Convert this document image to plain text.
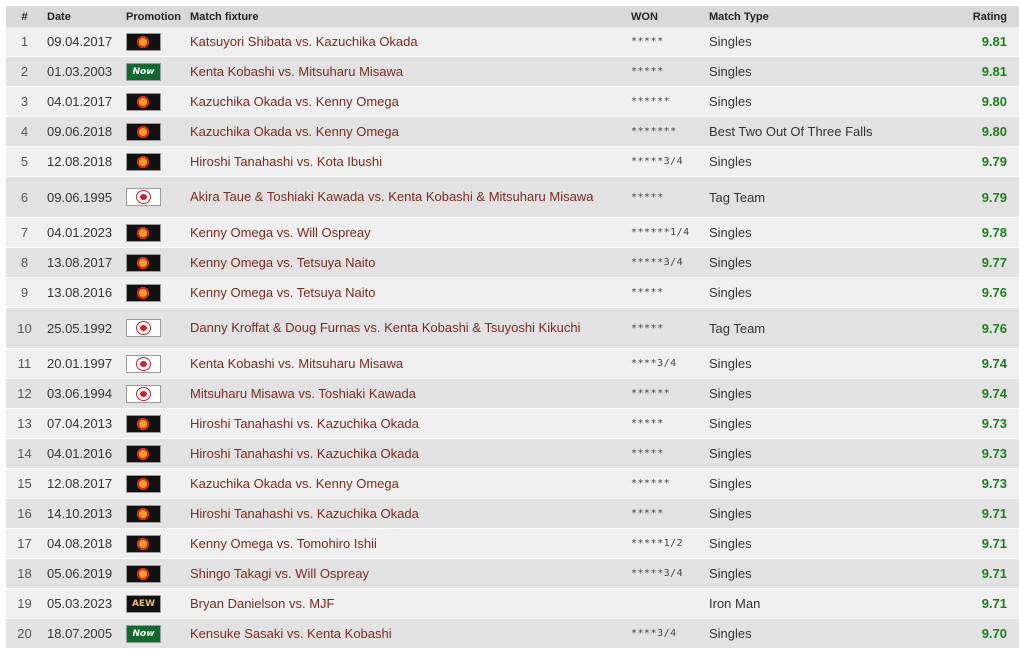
#	Date	Promotion	Match fixture	WON	Match Type	Rating
1	09.04.2017		Katsuyori Shibata vs. Kazuchika Okada	*****	Singles	9.81
2	01.03.2003	Now	Kenta Kobashi vs. Mitsuharu Misawa	*****	Singles	9.81
3	04.01.2017		Kazuchika Okada vs. Kenny Omega	******	Singles	9.80
4	09.06.2018		Kazuchika Okada vs. Kenny Omega	*******	Best Two Out Of Three Falls	9.80
5	12.08.2018		Hiroshi Tanahashi vs. Kota Ibushi	*****3/4	Singles	9.79
6	09.06.1995		Akira Taue & Toshiaki Kawada vs. Kenta Kobashi & Mitsuharu Misawa	*****	Tag Team	9.79
7	04.01.2023		Kenny Omega vs. Will Ospreay	******1/4	Singles	9.78
8	13.08.2017		Kenny Omega vs. Tetsuya Naito	*****3/4	Singles	9.77
9	13.08.2016		Kenny Omega vs. Tetsuya Naito	*****	Singles	9.76
10	25.05.1992		Danny Kroffat & Doug Furnas vs. Kenta Kobashi & Tsuyoshi Kikuchi	*****	Tag Team	9.76
11	20.01.1997		Kenta Kobashi vs. Mitsuharu Misawa	****3/4	Singles	9.74
12	03.06.1994		Mitsuharu Misawa vs. Toshiaki Kawada	******	Singles	9.74
13	07.04.2013		Hiroshi Tanahashi vs. Kazuchika Okada	*****	Singles	9.73
14	04.01.2016		Hiroshi Tanahashi vs. Kazuchika Okada	*****	Singles	9.73
15	12.08.2017		Kazuchika Okada vs. Kenny Omega	******	Singles	9.73
16	14.10.2013		Hiroshi Tanahashi vs. Kazuchika Okada	*****	Singles	9.71
17	04.08.2018		Kenny Omega vs. Tomohiro Ishii	*****1/2	Singles	9.71
18	05.06.2019		Shingo Takagi vs. Will Ospreay	*****3/4	Singles	9.71
19	05.03.2023	AEW	Bryan Danielson vs. MJF		Iron Man	9.71
20	18.07.2005	Now	Kensuke Sasaki vs. Kenta Kobashi	****3/4	Singles	9.70
